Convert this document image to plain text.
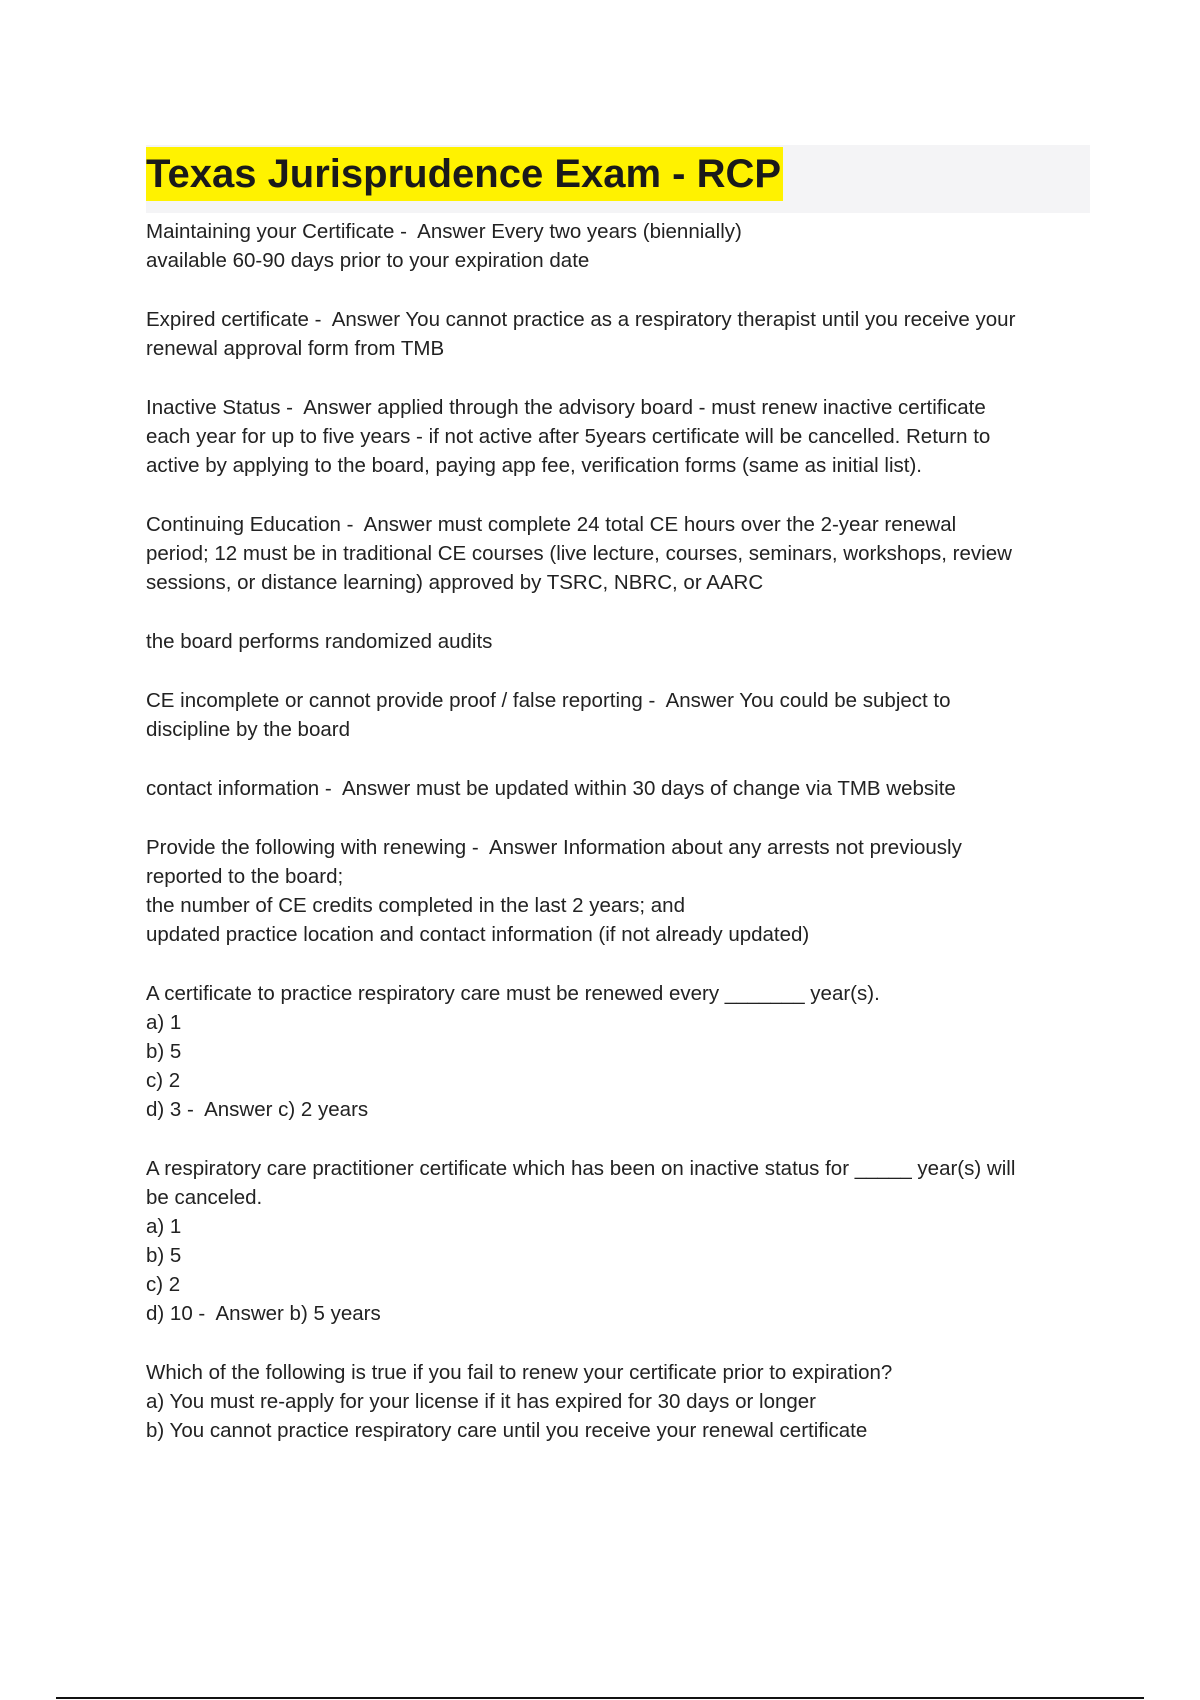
Texas Jurisprudence Exam - RCP
Maintaining your Certificate -  Answer Every two years (biennially)
available 60-90 days prior to your expiration date
Expired certificate -  Answer You cannot practice as a respiratory therapist until you receive your
renewal approval form from TMB
Inactive Status -  Answer applied through the advisory board - must renew inactive certificate
each year for up to five years - if not active after 5years certificate will be cancelled. Return to
active by applying to the board, paying app fee, verification forms (same as initial list).
Continuing Education -  Answer must complete 24 total CE hours over the 2-year renewal
period; 12 must be in traditional CE courses (live lecture, courses, seminars, workshops, review
sessions, or distance learning) approved by TSRC, NBRC, or AARC
the board performs randomized audits
CE incomplete or cannot provide proof / false reporting -  Answer You could be subject to
discipline by the board
contact information -  Answer must be updated within 30 days of change via TMB website
Provide the following with renewing -  Answer Information about any arrests not previously
reported to the board;
the number of CE credits completed in the last 2 years; and
updated practice location and contact information (if not already updated)
A certificate to practice respiratory care must be renewed every _______ year(s).
a) 1
b) 5
c) 2
d) 3 -  Answer c) 2 years
A respiratory care practitioner certificate which has been on inactive status for _____ year(s) will
be canceled.
a) 1
b) 5
c) 2
d) 10 -  Answer b) 5 years
Which of the following is true if you fail to renew your certificate prior to expiration?
a) You must re-apply for your license if it has expired for 30 days or longer
b) You cannot practice respiratory care until you receive your renewal certificate
